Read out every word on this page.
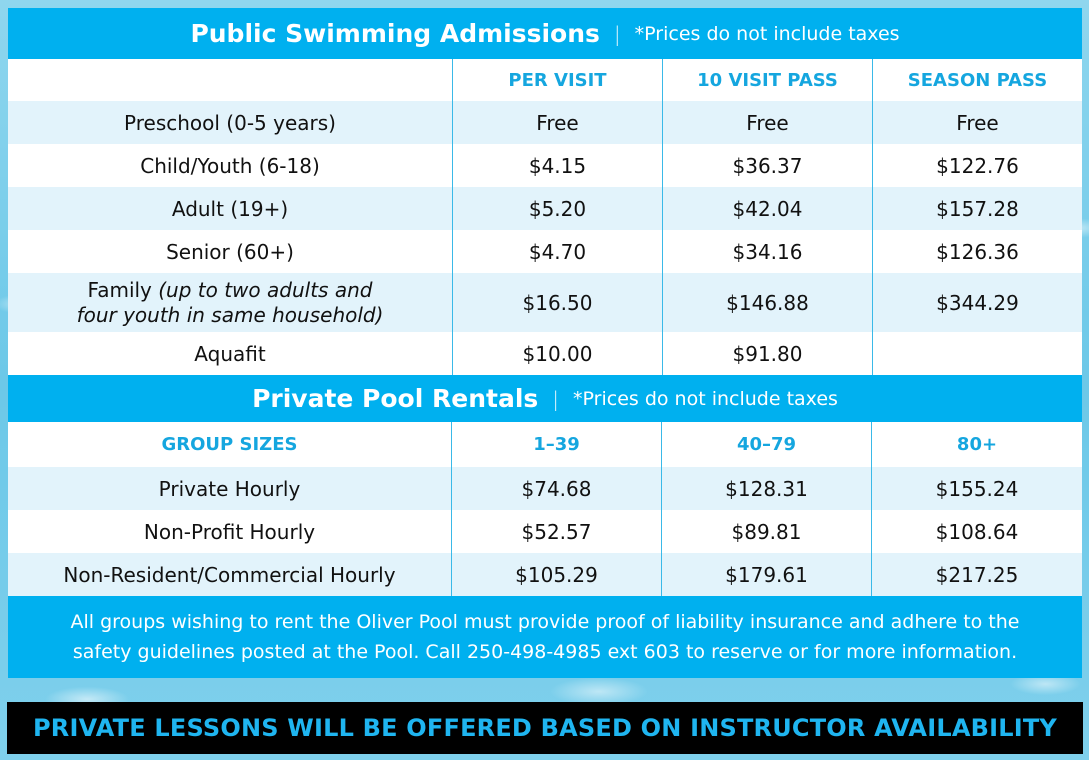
Public Swimming Admissions | *Prices do not include taxes
PER VISIT	10 VISIT PASS	SEASON PASS
Preschool (0-5 years)	Free	Free	Free
Child/Youth (6-18)	$4.15	$36.37	$122.76
Adult (19+)	$5.20	$42.04	$157.28
Senior (60+)	$4.70	$34.16	$126.36
Family (up to two adults and
four youth in same household)	$16.50	$146.88	$344.29
Aquafit	$10.00	$91.80
Private Pool Rentals | *Prices do not include taxes
GROUP SIZES	1–39	40–79	80+
Private Hourly	$74.68	$128.31	$155.24
Non-Profit Hourly	$52.57	$89.81	$108.64
Non-Resident/Commercial Hourly	$105.29	$179.61	$217.25
All groups wishing to rent the Oliver Pool must provide proof of liability insurance and adhere to the
safety guidelines posted at the Pool. Call 250-498-4985 ext 603 to reserve or for more information.
PRIVATE LESSONS WILL BE OFFERED BASED ON INSTRUCTOR AVAILABILITY
